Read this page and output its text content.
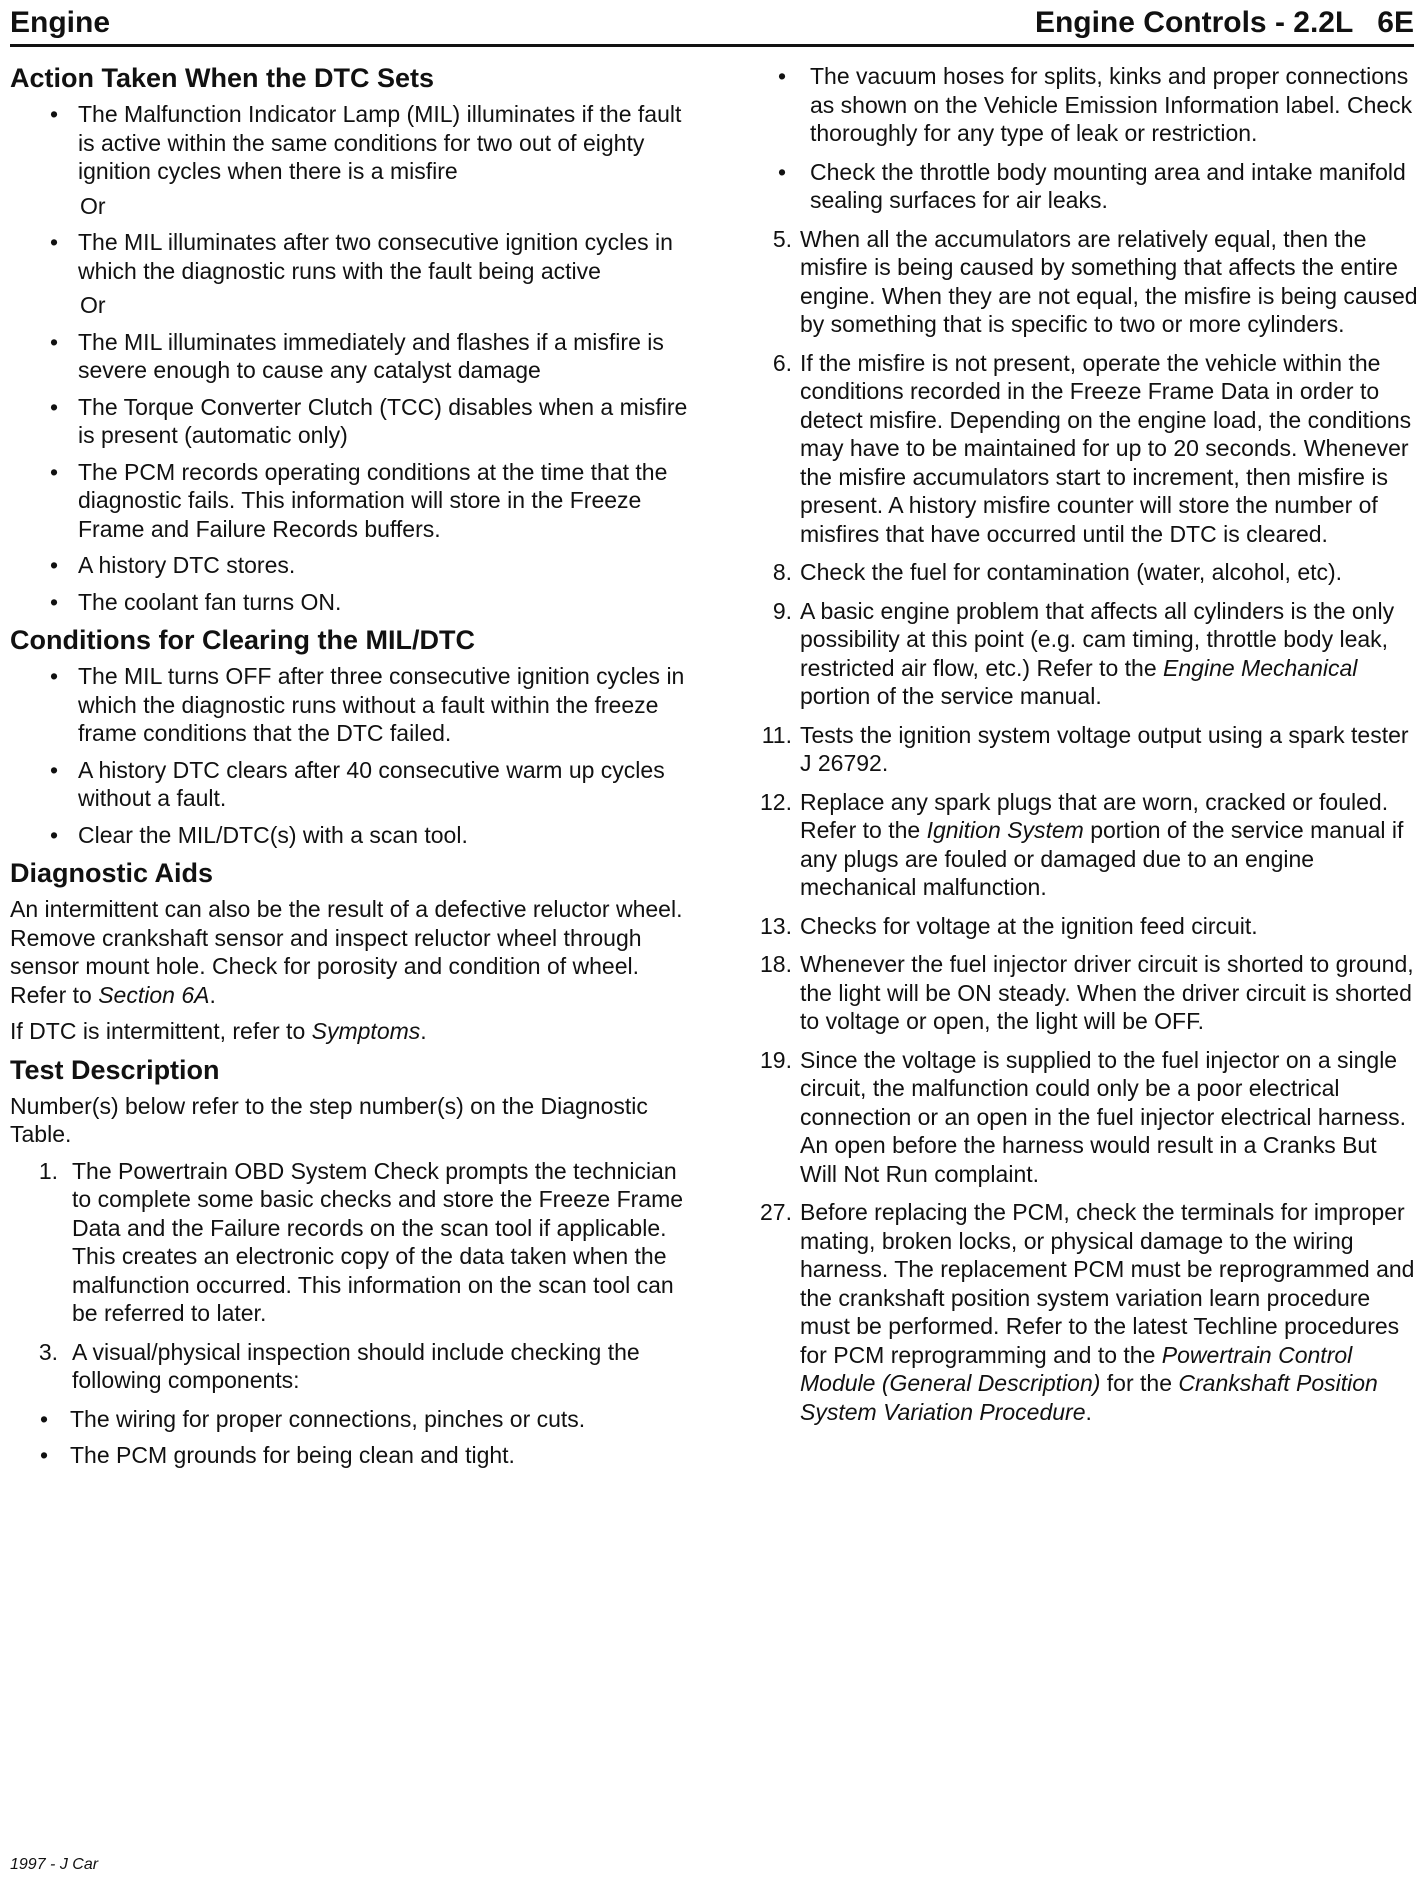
Engine	Engine Controls - 2.2L 6E
Action Taken When the DTC Sets
• The Malfunction Indicator Lamp (MIL) illuminates if the fault is active within the same conditions for two out of eighty ignition cycles when there is a misfire
Or
• The MIL illuminates after two consecutive ignition cycles in which the diagnostic runs with the fault being active
Or
• The MIL illuminates immediately and flashes if a misfire is severe enough to cause any catalyst damage
• The Torque Converter Clutch (TCC) disables when a misfire is present (automatic only)
• The PCM records operating conditions at the time that the diagnostic fails. This information will store in the Freeze Frame and Failure Records buffers.
• A history DTC stores.
• The coolant fan turns ON.
Conditions for Clearing the MIL/DTC
• The MIL turns OFF after three consecutive ignition cycles in which the diagnostic runs without a fault within the freeze frame conditions that the DTC failed.
• A history DTC clears after 40 consecutive warm up cycles without a fault.
• Clear the MIL/DTC(s) with a scan tool.
Diagnostic Aids

An intermittent can also be the result of a defective reluctor wheel. Remove crankshaft sensor and inspect reluctor wheel through sensor mount hole. Check for porosity and condition of wheel. Refer to Section 6A.

If DTC is intermittent, refer to Symptoms.

Test Description

Number(s) below refer to the step number(s) on the Diagnostic Table.

1. The Powertrain OBD System Check prompts the technician to complete some basic checks and store the Freeze Frame Data and the Failure records on the scan tool if applicable. This creates an electronic copy of the data taken when the malfunction occurred. This information on the scan tool can be referred to later.
3. A visual/physical inspection should include checking the following components:
• The wiring for proper connections, pinches or cuts.
• The PCM grounds for being clean and tight.
• The vacuum hoses for splits, kinks and proper connections as shown on the Vehicle Emission Information label. Check thoroughly for any type of leak or restriction.
• Check the throttle body mounting area and intake manifold sealing surfaces for air leaks.
5. When all the accumulators are relatively equal, then the misfire is being caused by something that affects the entire engine. When they are not equal, the misfire is being caused by something that is specific to two or more cylinders.
6. If the misfire is not present, operate the vehicle within the conditions recorded in the Freeze Frame Data in order to detect misfire. Depending on the engine load, the conditions may have to be maintained for up to 20 seconds. Whenever the misfire accumulators start to increment, then misfire is present. A history misfire counter will store the number of misfires that have occurred until the DTC is cleared.
8. Check the fuel for contamination (water, alcohol, etc).
9. A basic engine problem that affects all cylinders is the only possibility at this point (e.g. cam timing, throttle body leak, restricted air flow, etc.) Refer to the Engine Mechanical portion of the service manual.
11. Tests the ignition system voltage output using a spark tester J 26792.
12. Replace any spark plugs that are worn, cracked or fouled. Refer to the Ignition System portion of the service manual if any plugs are fouled or damaged due to an engine mechanical malfunction.
13. Checks for voltage at the ignition feed circuit.
18. Whenever the fuel injector driver circuit is shorted to ground, the light will be ON steady. When the driver circuit is shorted to voltage or open, the light will be OFF.
19. Since the voltage is supplied to the fuel injector on a single circuit, the malfunction could only be a poor electrical connection or an open in the fuel injector electrical harness. An open before the harness would result in a Cranks But Will Not Run complaint.
27. Before replacing the PCM, check the terminals for improper mating, broken locks, or physical damage to the wiring harness. The replacement PCM must be reprogrammed and the crankshaft position system variation learn procedure must be performed. Refer to the latest Techline procedures for PCM reprogramming and to the Powertrain Control Module (General Description) for the Crankshaft Position System Variation Procedure.
1997 - J Car
